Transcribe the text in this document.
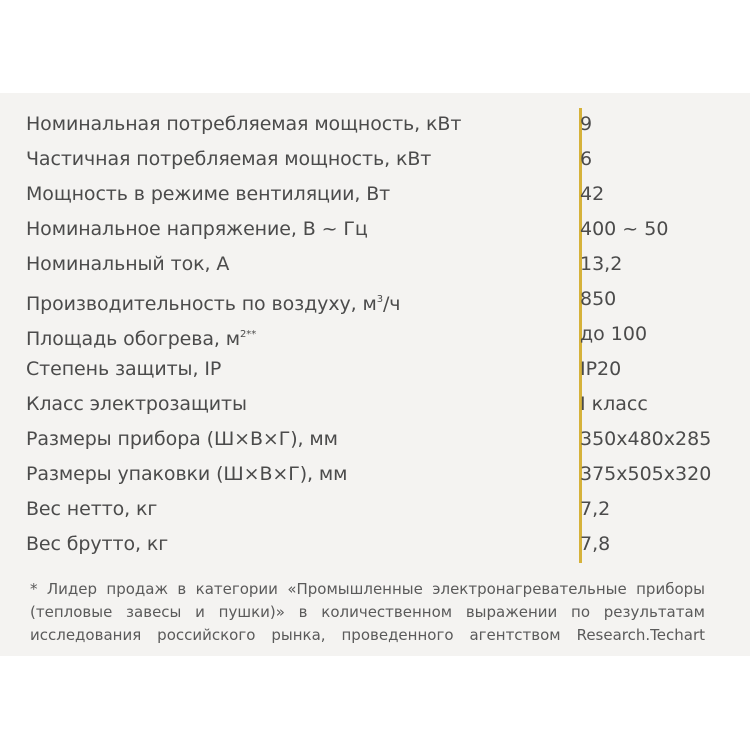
Номинальная потребляемая мощность, кВт	9
Частичная потребляемая мощность, кВт	6
Мощность в режиме вентиляции, Вт	42
Номинальное напряжение, В ~ Гц	400 ~ 50
Номинальный ток, А	13,2
Производительность по воздуху, $м^3/ч$	850
Площадь обогрева, $м^{2**}$	до 100
Степень защиты, IP	IP20
Класс электрозащиты	I класс
Размеры прибора (Ш×В×Г), мм	350x480x285
Размеры упаковки (Ш×В×Г), мм	375x505x320
Вес нетто, кг	7,2
Вес брутто, кг	7,8

* Лидер продаж в категории «Промышленные электронагревательные приборы

(тепловые завесы и пушки)» в количественном выражении по результатам

исследования российского рынка, проведенного агентством Research.Techart
